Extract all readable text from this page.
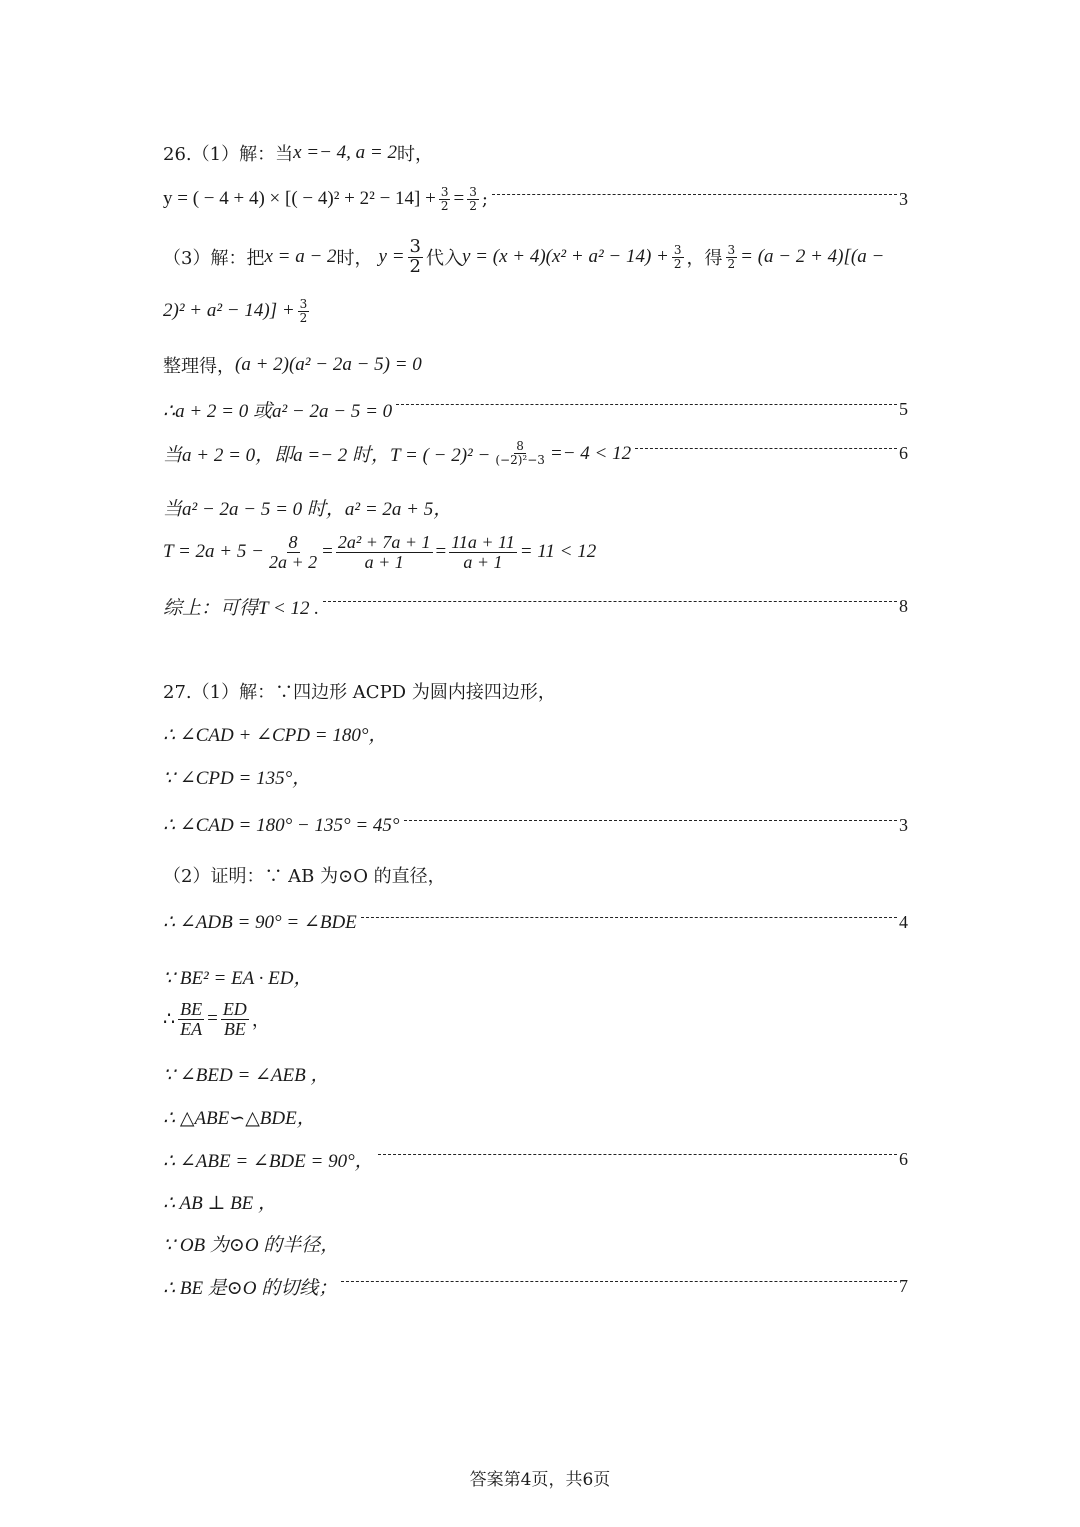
26.（1）解：当 x =− 4, a = 2 时，
y = ( − 4 + 4) × [( − $4)^2 + 2^2 - 14] + \frac{3}{2} = \frac{3}{2}$ ;	3
（3）解：把 x = a − 2 时， $y = \frac{3}{2}$ 代入 $y = (x + 4)(x^2 + a^2 - 14) + \frac{3}{2}$ ，得 $\frac{3}{2} = (a - 2 + 4)[(a$ −
$2)^2 + a^2 - 14)] + \frac{3}{2}$
整理得， (a + 2)(a² − 2a − 5) = 0
∴a + 2 = 0 或a² − 2a − 5 = 0	5
当a + 2 = 0，即a =− 2 时，T = ( − $2)^2 - \frac{8}{\text{(−2)²−3}} =- 4 < 12$	6
当a² − 2a − 5 = 0 时，a² = 2a + 5，
$T = 2a + 5 - \frac{8}{2a + 2} = \frac{\text{2a² + 7a + 1}}{a + 1} = \frac{11a + 11}{a + 1} = 11 < 12$
综上：可得T < 12 .	8
27.（1）解：∵四边形 ACPD 为圆内接四边形，
∴ ∠CAD + ∠CPD = 180°，
∵ ∠CPD = 135°，
∴ ∠CAD = 180° − 135° = 45°	3
（2）证明：∵ AB 为⊙O 的直径，
∴ ∠ADB = 90° = ∠BDE	4
∵ BE² = EA · ED，
∴ $\frac{BE}{EA} = \frac{ED}{BE}$ ，
∵ ∠BED = ∠AEB ，
∴ △ABE∽△BDE，
∴ ∠ABE = ∠BDE = 90°，	6
∴ AB ⊥ BE ，
∵ OB 为⊙O 的半径，
∴ BE 是⊙O 的切线；	7
答案第4页，共6页
